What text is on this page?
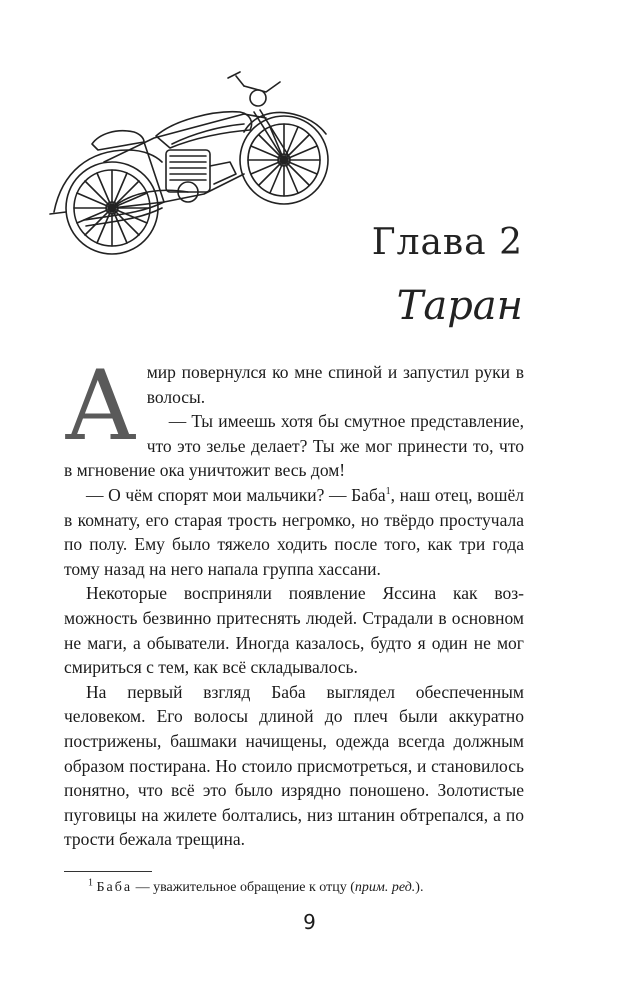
Глава 2
Таран

Амир повернулся ко мне спиной и запустил руки в волосы.

— Ты имеешь хотя бы смутное представление, что это зелье делает? Ты же мог принести то, что в мгновение ока уничтожит весь дом!

— О чём спорят мои мальчики? — Баба$^1$, наш отец, вошёл в комнату, его старая трость негромко, но твёрдо простучала по полу. Ему было тяжело ходить после того, как три года тому назад на него напала группа хассани.

Некоторые восприняли появление Яссина как возможность безвинно притеснять людей. Страдали в основном не маги, а обыватели. Иногда казалось, будто я один не мог смириться с тем, как всё складывалось.

На первый взгляд Баба выглядел обеспеченным человеком. Его волосы длиной до плеч были аккуратно пострижены, башмаки начищены, одежда всегда должным образом постирана. Но стоило присмотреться, и становилось понятно, что всё это было изрядно поношено. Золотистые пуговицы на жилете болтались, низ штанин обтрепался, а по трости бежала трещина.

$^1$ Баба — уважительное обращение к отцу (прим. ред.).
9
